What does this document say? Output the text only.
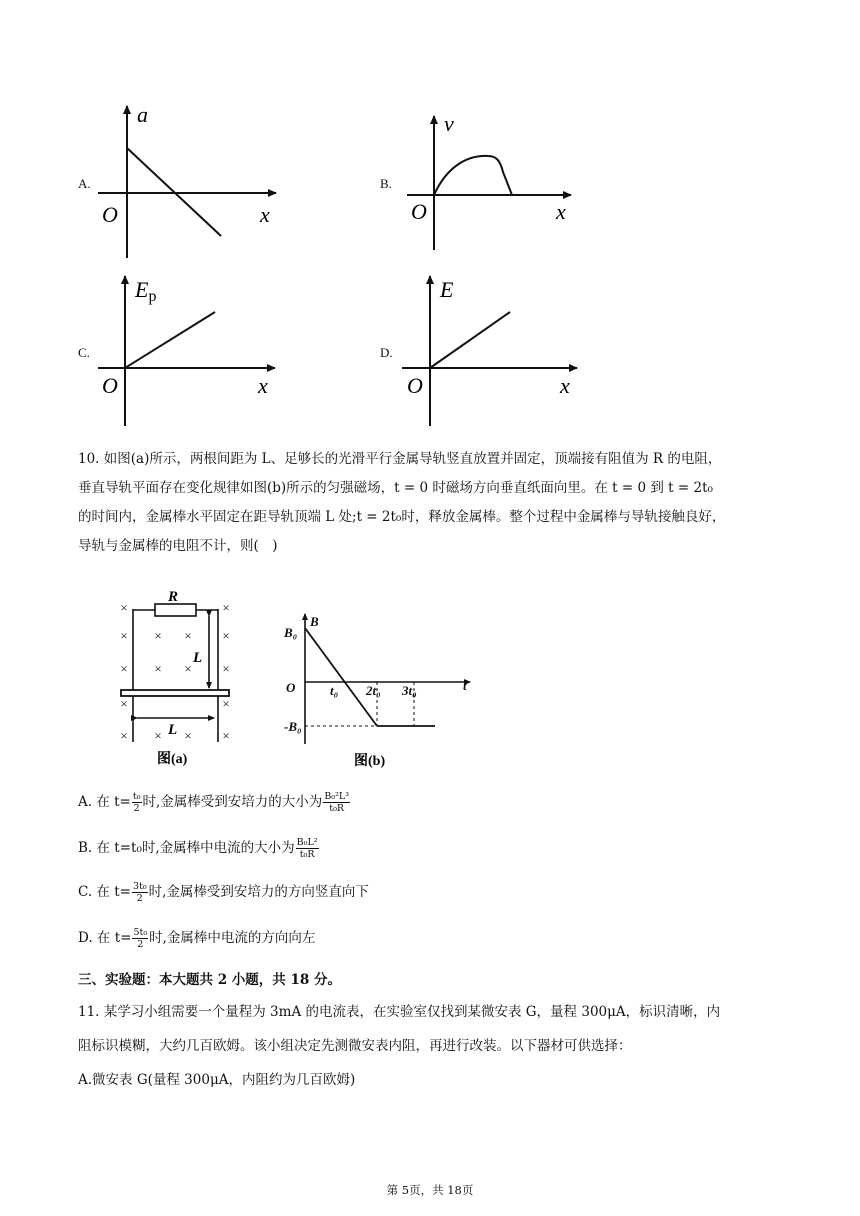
A.	B.
C.	D.
a
O	x
v
O	x
Ep
O	x
E
O	x
×	×
× × × ×
× × × ×
×	×
× × × ×
R
L
L
图(a)
B
B₀
O
-B₀
t₀ 2t₀ 3t₀	t
图(b)
10. 如图(a)所示，两根间距为 L、足够长的光滑平行金属导轨竖直放置并固定，顶端接有阻值为 R 的电阻，
垂直导轨平面存在变化规律如图(b)所示的匀强磁场，t = 0 时磁场方向垂直纸面向里。在 t = 0 到 t = 2t₀
的时间内，金属棒水平固定在距导轨顶端 L 处;t = 2t₀时，释放金属棒。整个过程中金属棒与导轨接触良好，
导轨与金属棒的电阻不计，则(　)
A. 在 $t= \frac{\text{t₀}}{2}$ 时,金属棒受到安培力的大小为 $\frac{\text{B₀²L³}}{\text{t₀R}}$
B. 在 t=t₀时,金属棒中电流的大小为 $\frac{\text{B₀L²}}{\text{t₀R}}$
C. 在 $t= \frac{\text{3t₀}}{2}$ 时,金属棒受到安培力的方向竖直向下
D. 在 $t= \frac{\text{5t₀}}{2}$ 时,金属棒中电流的方向向左
三、实验题：本大题共 2 小题，共 18 分。
11. 某学习小组需要一个量程为 3mA 的电流表，在实验室仅找到某微安表 G，量程 300μA，标识清晰，内
阻标识模糊，大约几百欧姆。该小组决定先测微安表内阻，再进行改装。以下器材可供选择：
A.微安表 G(量程 300μA，内阻约为几百欧姆)
第 5页，共 18页
